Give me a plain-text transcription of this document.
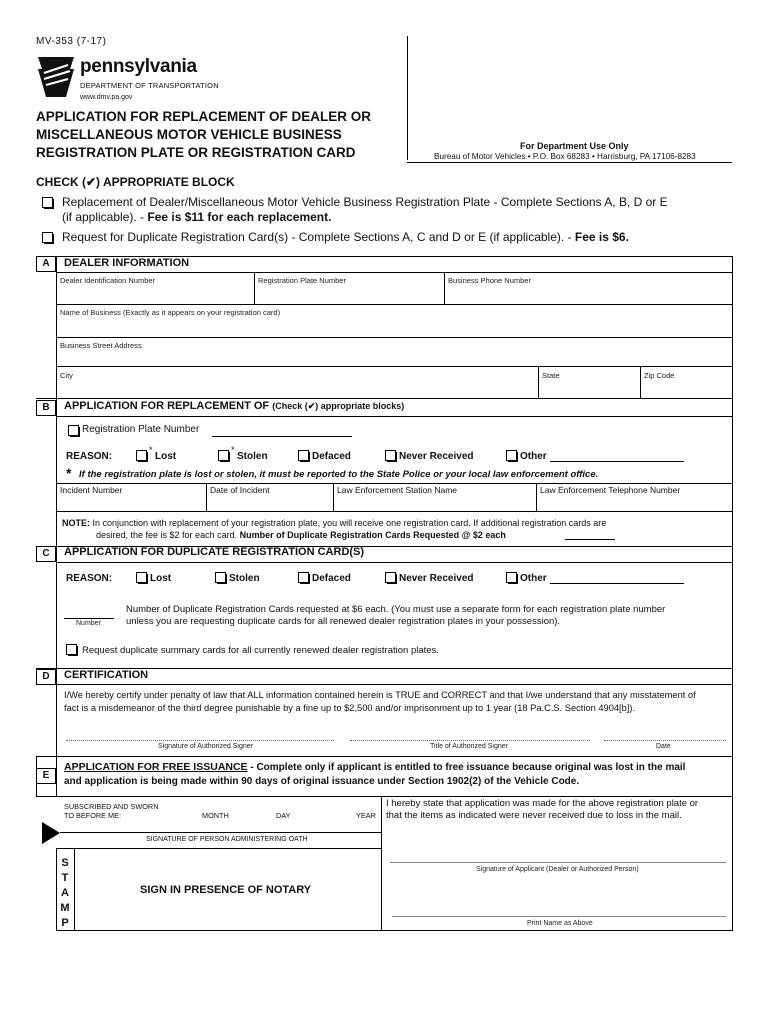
MV-353 (7-17)
pennsylvania
DEPARTMENT OF TRANSPORTATION
www.dmv.pa.gov
APPLICATION FOR REPLACEMENT OF DEALER OR
MISCELLANEOUS MOTOR VEHICLE BUSINESS
REGISTRATION PLATE OR REGISTRATION CARD	For Department Use Only
Bureau of Motor Vehicles • P.O. Box 68283 • Harrisburg, PA 17106-8283
CHECK (✔) APPROPRIATE BLOCK
Replacement of Dealer/Miscellaneous Motor Vehicle Business Registration Plate - Complete Sections A, B, D or E
(if applicable). - Fee is $11 for each replacement.
Request for Duplicate Registration Card(s) - Complete Sections A, C and D or E (if applicable). - Fee is $6.
A	DEALER INFORMATION
Dealer Identification Number	Registration Plate Number	Business Phone Number
Name of Business (Exactly as it appears on your registration card)
Business Street Address
City	State	Zip Code
B	APPLICATION FOR REPLACEMENT OF (Check (✔) appropriate blocks)
Registration Plate Number
REASON:
*
Lost
*
Stolen	Defaced	Never Received	Other
* If the registration plate is lost or stolen, it must be reported to the State Police or your local law enforcement office.
Incident Number	Date of Incident	Law Enforcement Station Name	Law Enforcement Telephone Number
NOTE: In conjunction with replacement of your registration plate, you will receive one registration card. If additional registration cards are
desired, the fee is $2 for each card. Number of Duplicate Registration Cards Requested @ $2 each
C	APPLICATION FOR DUPLICATE REGISTRATION CARD(S)
REASON:	Lost	Stolen	Defaced	Never Received	Other
Number
Number of Duplicate Registration Cards requested at $6 each. (You must use a separate form for each registration plate number
unless you are requesting duplicate cards for all renewed dealer registration plates in your possession).
Request duplicate summary cards for all currently renewed dealer registration plates.
D	CERTIFICATION
I/We hereby certify under penalty of law that ALL information contained herein is TRUE and CORRECT and that I/we understand that any misstatement of
fact is a misdemeanor of the third degree punishable by a fine up to $2,500 and/or imprisonment up to 1 year (18 Pa.C.S. Section 4904[b]).
Signature of Authorized Signer	Title of Authorized Signer	Date
E
APPLICATION FOR FREE ISSUANCE - Complete only if applicant is entitled to free issuance because original was lost in the mail
and application is being made within 90 days of original issuance under Section 1902(2) of the Vehicle Code.
SUBSCRIBED AND SWORN
TO BEFORE ME:	MONTH	DAY	YEAR
I hereby state that application was made for the above registration plate or
that the items as indicated were never received due to loss in the mail.
SIGNATURE OF PERSON ADMINISTERING OATH
S
T
A
M
P
SIGN IN PRESENCE OF NOTARY
Signature of Applicant (Dealer or Authorized Person)
Print Name as Above
